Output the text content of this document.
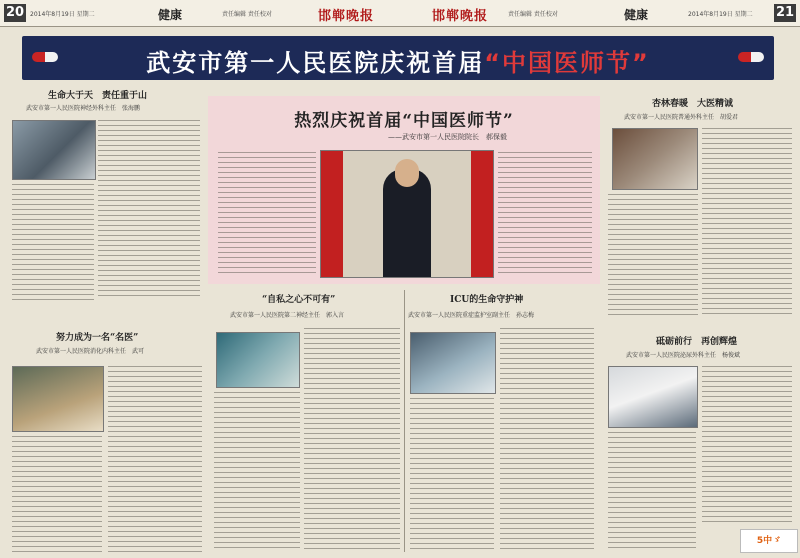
20 2014年8月19日 星期二	健康	责任编辑 责任校对	邯郸晚报	邯郸晚报	责任编辑 责任校对	健康	2014年8月19日 星期二 21
武安市第一人民医院庆祝首届“中国医师节”
生命大于天　责任重于山
武安市第一人民医院神经外科主任　张海鹏
努力成为一名“名医”
武安市第一人民医院消化内科主任　武可
热烈庆祝首届“中国医师节”
——武安市第一人民医院院长　郝保毅
“自私之心不可有”
武安市第一人民医院第二神经主任　郭入言
ICU的生命守护神
武安市第一人民医院重症监护室副主任　孙志梅
杏林春暖　大医精诚
武安市第一人民医院普通外科主任　胡爱君
砥砺前行　再创辉煌
武安市第一人民医院泌尿外科主任　杨俊斌
5中ゞ
